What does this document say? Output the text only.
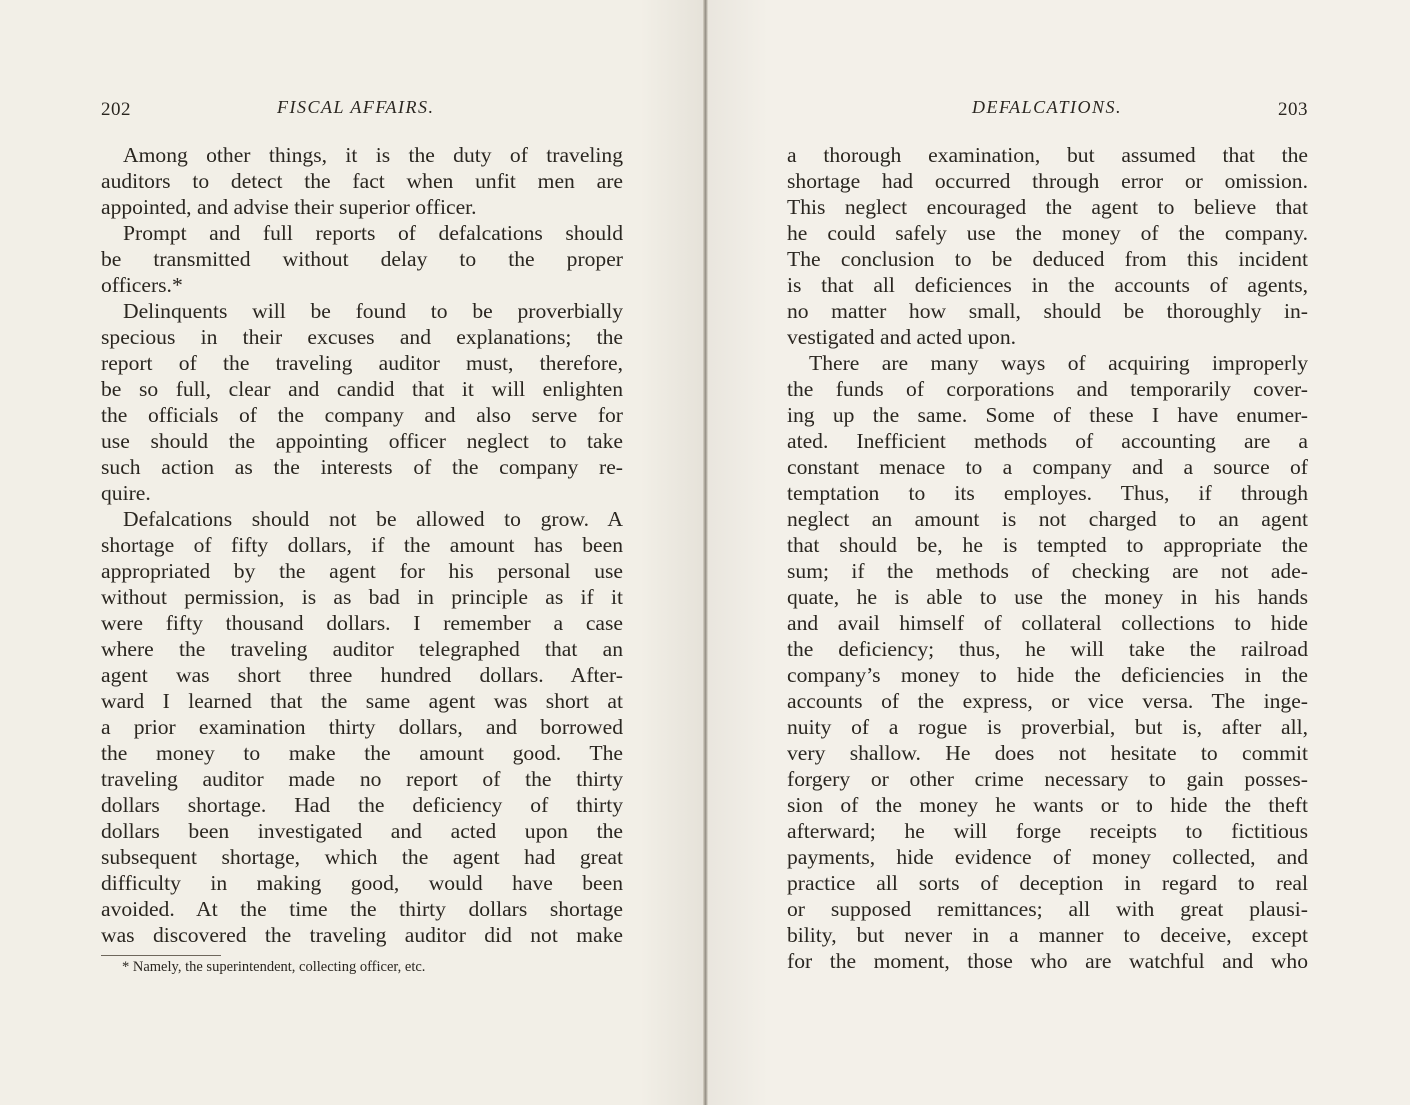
202	FISCAL AFFAIRS.
Among other things, it is the duty of traveling
auditors to detect the fact when unfit men are
appointed, and advise their superior officer.
Prompt and full reports of defalcations should
be transmitted without delay to the proper
officers.*
Delinquents will be found to be proverbially
specious in their excuses and explanations; the
report of the traveling auditor must, therefore,
be so full, clear and candid that it will enlighten
the officials of the company and also serve for
use should the appointing officer neglect to take
such action as the interests of the company re-
quire.
Defalcations should not be allowed to grow. A
shortage of fifty dollars, if the amount has been
appropriated by the agent for his personal use
without permission, is as bad in principle as if it
were fifty thousand dollars. I remember a case
where the traveling auditor telegraphed that an
agent was short three hundred dollars. After-
ward I learned that the same agent was short at
a prior examination thirty dollars, and borrowed
the money to make the amount good. The
traveling auditor made no report of the thirty
dollars shortage. Had the deficiency of thirty
dollars been investigated and acted upon the
subsequent shortage, which the agent had great
difficulty in making good, would have been
avoided. At the time the thirty dollars shortage
was discovered the traveling auditor did not make
* Namely, the superintendent, collecting officer, etc.
DEFALCATIONS.	203
a thorough examination, but assumed that the
shortage had occurred through error or omission.
This neglect encouraged the agent to believe that
he could safely use the money of the company.
The conclusion to be deduced from this incident
is that all deficiences in the accounts of agents,
no matter how small, should be thoroughly in-
vestigated and acted upon.
There are many ways of acquiring improperly
the funds of corporations and temporarily cover-
ing up the same. Some of these I have enumer-
ated. Inefficient methods of accounting are a
constant menace to a company and a source of
temptation to its employes. Thus, if through
neglect an amount is not charged to an agent
that should be, he is tempted to appropriate the
sum; if the methods of checking are not ade-
quate, he is able to use the money in his hands
and avail himself of collateral collections to hide
the deficiency; thus, he will take the railroad
company’s money to hide the deficiencies in the
accounts of the express, or vice versa. The inge-
nuity of a rogue is proverbial, but is, after all,
very shallow. He does not hesitate to commit
forgery or other crime necessary to gain posses-
sion of the money he wants or to hide the theft
afterward; he will forge receipts to fictitious
payments, hide evidence of money collected, and
practice all sorts of deception in regard to real
or supposed remittances; all with great plausi-
bility, but never in a manner to deceive, except
for the moment, those who are watchful and who
